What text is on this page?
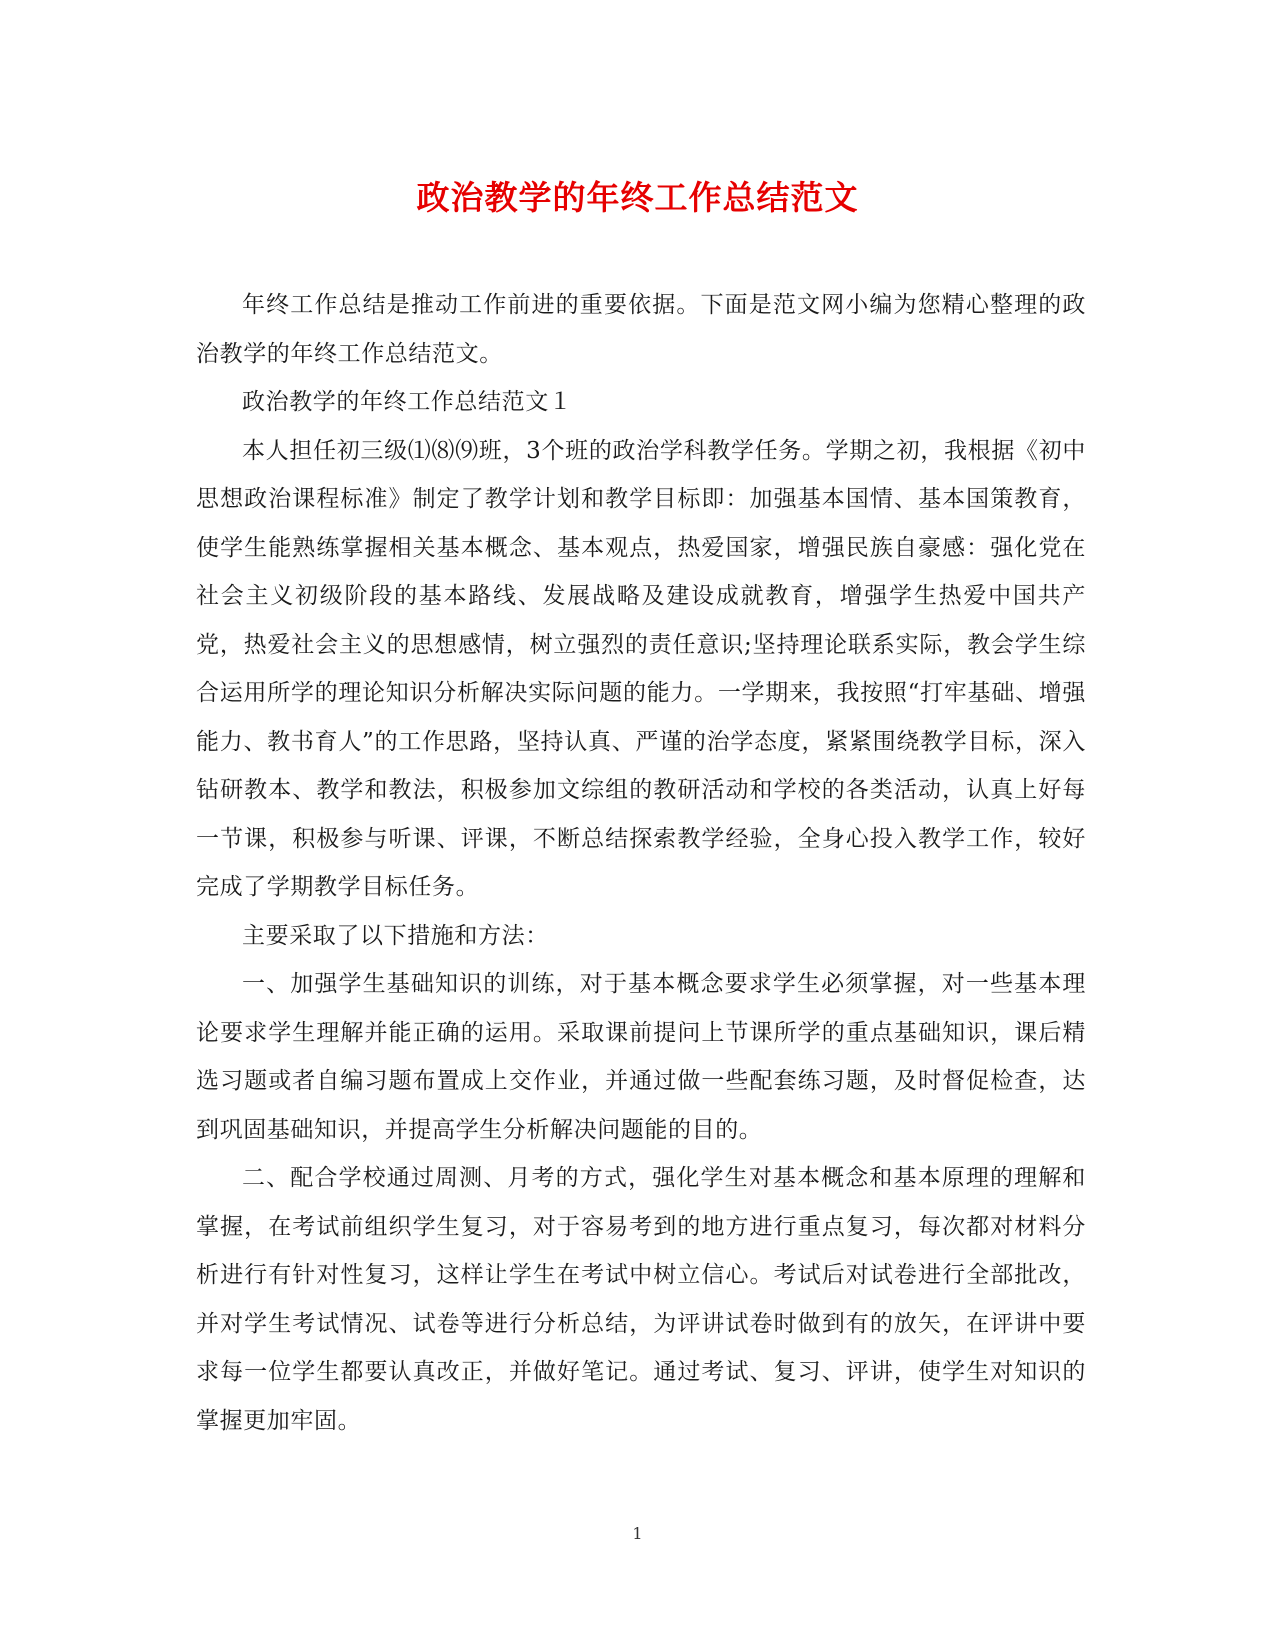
政治教学的年终工作总结范文

年终工作总结是推动工作前进的重要依据。下面是范文网小编为您精心整理的政治教学的年终工作总结范文。

政治教学的年终工作总结范文１

本人担任初三级⑴⑻⑼班，3个班的政治学科教学任务。学期之初，我根据《初中思想政治课程标准》制定了教学计划和教学目标即：加强基本国情、基本国策教育，使学生能熟练掌握相关基本概念、基本观点，热爱国家，增强民族自豪感：强化党在社会主义初级阶段的基本路线、发展战略及建设成就教育，增强学生热爱中国共产党，热爱社会主义的思想感情，树立强烈的责任意识;坚持理论联系实际，教会学生综合运用所学的理论知识分析解决实际问题的能力。一学期来，我按照“打牢基础、增强能力、教书育人”的工作思路，坚持认真、严谨的治学态度，紧紧围绕教学目标，深入钻研教本、教学和教法，积极参加文综组的教研活动和学校的各类活动，认真上好每一节课，积极参与听课、评课，不断总结探索教学经验，全身心投入教学工作，较好完成了学期教学目标任务。

主要采取了以下措施和方法：

一、加强学生基础知识的训练，对于基本概念要求学生必须掌握，对一些基本理论要求学生理解并能正确的运用。采取课前提问上节课所学的重点基础知识，课后精选习题或者自编习题布置成上交作业，并通过做一些配套练习题，及时督促检查，达到巩固基础知识，并提高学生分析解决问题能的目的。

二、配合学校通过周测、月考的方式，强化学生对基本概念和基本原理的理解和掌握，在考试前组织学生复习，对于容易考到的地方进行重点复习，每次都对材料分析进行有针对性复习，这样让学生在考试中树立信心。考试后对试卷进行全部批改，并对学生考试情况、试卷等进行分析总结，为评讲试卷时做到有的放矢，在评讲中要求每一位学生都要认真改正，并做好笔记。通过考试、复习、评讲，使学生对知识的掌握更加牢固。

1
